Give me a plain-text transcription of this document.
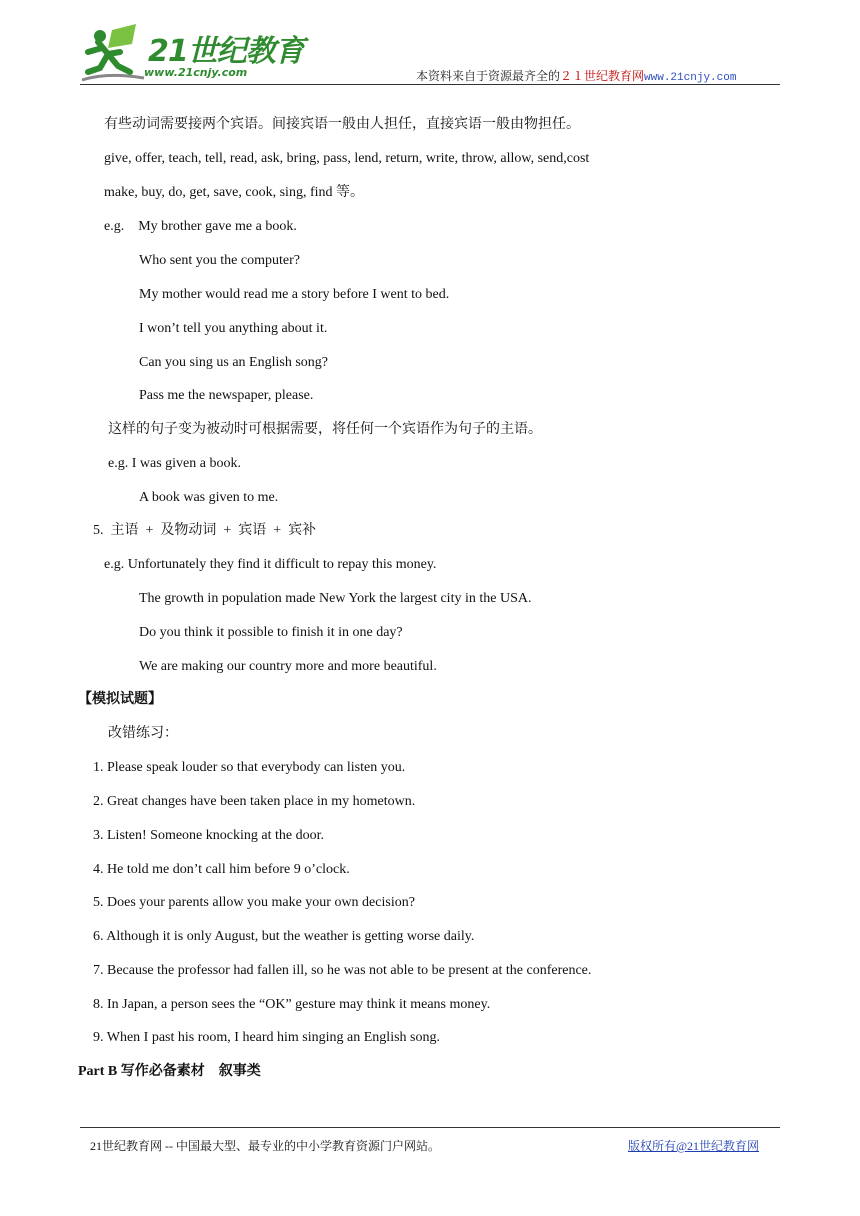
21世纪教育
www.21cnjy.com	本资料来自于资源最齐全的２１世纪教育网www.21cnjy.com
有些动词需要接两个宾语。间接宾语一般由人担任，直接宾语一般由物担任。
give, offer, teach, tell, read, ask, bring, pass, lend, return, write, throw, allow, send,cost
make, buy, do, get, save, cook, sing, find 等。
e.g.    My brother gave me a book.
Who sent you the computer?
My mother would read me a story before I went to bed.
I won’t tell you anything about it.
Can you sing us an English song?
Pass me the newspaper, please.
这样的句子变为被动时可根据需要，将任何一个宾语作为句子的主语。
e.g. I was given a book.
A book was given to me.
5.  主语  +  及物动词  +  宾语  +  宾补
e.g. Unfortunately they find it difficult to repay this money.
The growth in population made New York the largest city in the USA.
Do you think it possible to finish it in one day?
We are making our country more and more beautiful.
【模拟试题】
改错练习：
1. Please speak louder so that everybody can listen you.
2. Great changes have been taken place in my hometown.
3. Listen! Someone knocking at the door.
4. He told me don’t call him before 9 o’clock.
5. Does your parents allow you make your own decision?
6. Although it is only August, but the weather is getting worse daily.
7. Because the professor had fallen ill, so he was not able to be present at the conference.
8. In Japan, a person sees the “OK” gesture may think it means money.
9. When I past his room, I heard him singing an English song.
Part B 写作必备素材    叙事类
21世纪教育网 -- 中国最大型、最专业的中小学教育资源门户网站。	版权所有@21世纪教育网
